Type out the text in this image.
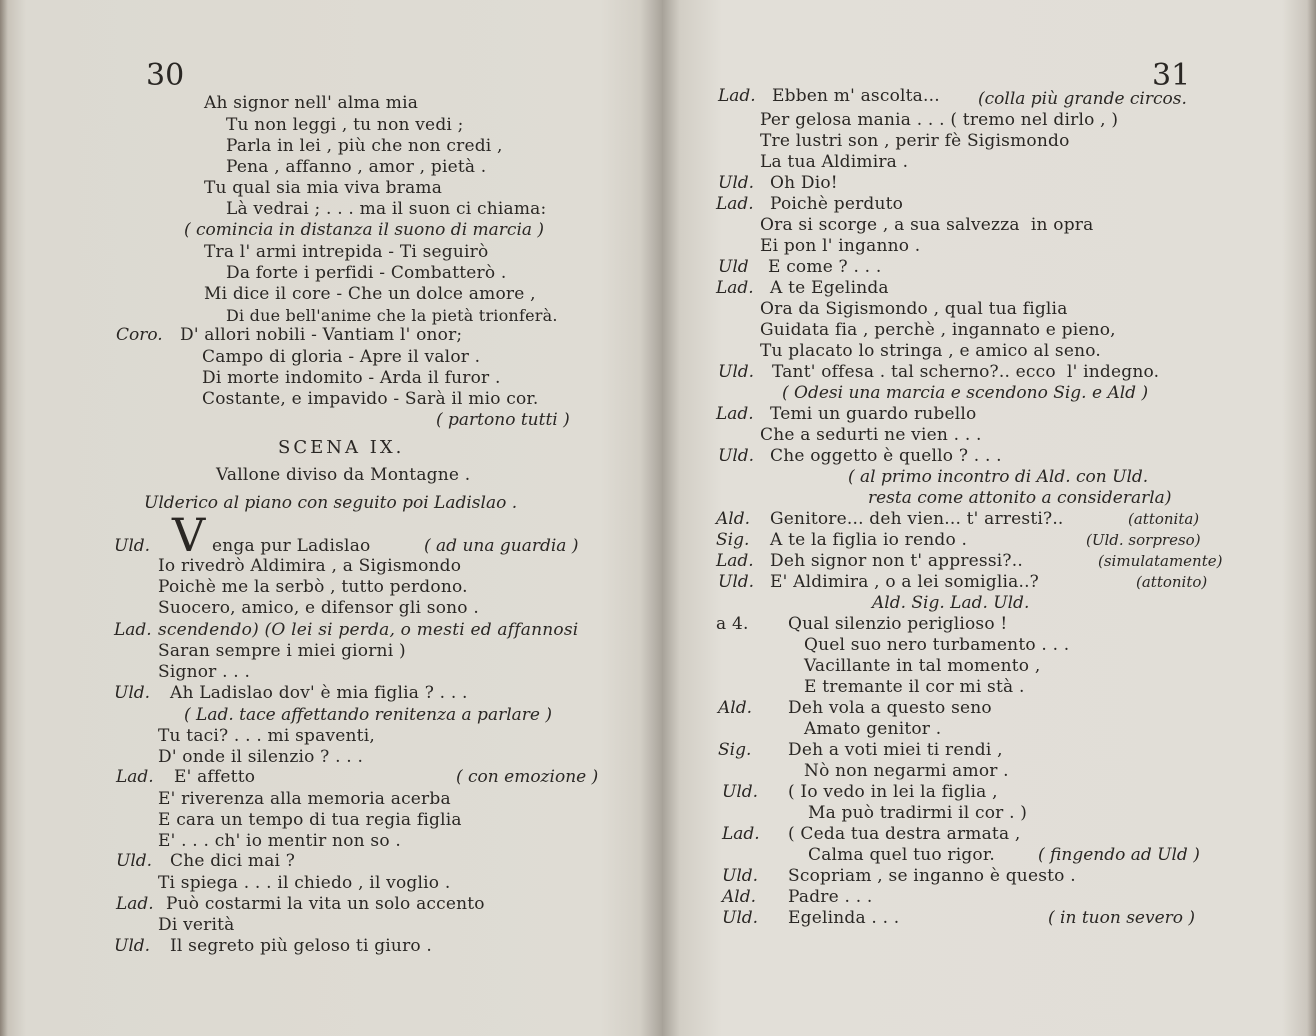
30
Ah signor nell' alma mia
Tu non leggi , tu non vedi ;
Parla in lei , più che non credi ,
Pena , affanno , amor , pietà .
Tu qual sia mia viva brama
Là vedrai ; . . . ma il suon ci chiama:
( comincia in distanza il suono di marcia )
Tra l' armi intrepida - Ti seguirò
Da forte i perfidi - Combatterò .
Mi dice il core - Che un dolce amore ,
Di due bell'anime che la pietà trionferà.
Coro. D' allori nobili - Vantiam l' onor;
Campo di gloria - Apre il valor .
Di morte indomito - Arda il furor .
Costante, e impavido - Sarà il mio cor.
( partono tutti )
SCENA IX.
Vallone diviso da Montagne .
Ulderico al piano con seguito poi Ladislao .
Uld. V enga pur Ladislao	( ad una guardia )
Io rivedrò Aldimira , a Sigismondo
Poichè me la serbò , tutto perdono.
Suocero, amico, e difensor gli sono .
Lad. scendendo) (O lei si perda, o mesti ed affannosi
Saran sempre i miei giorni )
Signor . . .
Uld. Ah Ladislao dov' è mia figlia ? . . .
( Lad. tace affettando renitenza a parlare )
Tu taci? . . . mi spaventi,
D' onde il silenzio ? . . .
Lad. E' affetto	( con emozione )
E' riverenza alla memoria acerba
E cara un tempo di tua regia figlia
E' . . . ch' io mentir non so .
Uld. Che dici mai ?
Ti spiega . . . il chiedo , il voglio .
Lad. Può costarmi la vita un solo accento
Di verità
Uld. Il segreto più geloso ti giuro .
31
Lad. Ebben m' ascolta... (colla più grande circos.
Per gelosa mania . . . ( tremo nel dirlo , )
Tre lustri son , perir fè Sigismondo
La tua Aldimira .
Uld. Oh Dio!
Lad. Poichè perduto
Ora si scorge , a sua salvezza  in opra
Ei pon l' inganno .
Uld E come ? . . .
Lad. A te Egelinda
Ora da Sigismondo , qual tua figlia
Guidata fia , perchè , ingannato e pieno,
Tu placato lo stringa , e amico al seno.
Uld. Tant' offesa . tal scherno?.. ecco  l' indegno.
( Odesi una marcia e scendono Sig. e Ald )
Lad. Temi un guardo rubello
Che a sedurti ne vien . . .
Uld. Che oggetto è quello ? . . .
( al primo incontro di Ald. con Uld.
resta come attonito a considerarla)
Ald. Genitore... deh vien... t' arresti?..	(attonita)
Sig. A te la figlia io rendo .	(Uld. sorpreso)
Lad. Deh signor non t' appressi?..	(simulatamente)
Uld. E' Aldimira , o a lei somiglia..?	(attonito)
Ald. Sig. Lad. Uld.
a 4. Qual silenzio periglioso !
Quel suo nero turbamento . . .
Vacillante in tal momento ,
E tremante il cor mi stà .
Ald. Deh vola a questo seno
Amato genitor .
Sig. Deh a voti miei ti rendi ,
Nò non negarmi amor .
Uld. ( Io vedo in lei la figlia ,
Ma può tradirmi il cor . )
Lad. ( Ceda tua destra armata ,
Calma quel tuo rigor.	( fingendo ad Uld )
Uld. Scopriam , se inganno è questo .
Ald. Padre . . .
Uld. Egelinda . . .	( in tuon severo )
